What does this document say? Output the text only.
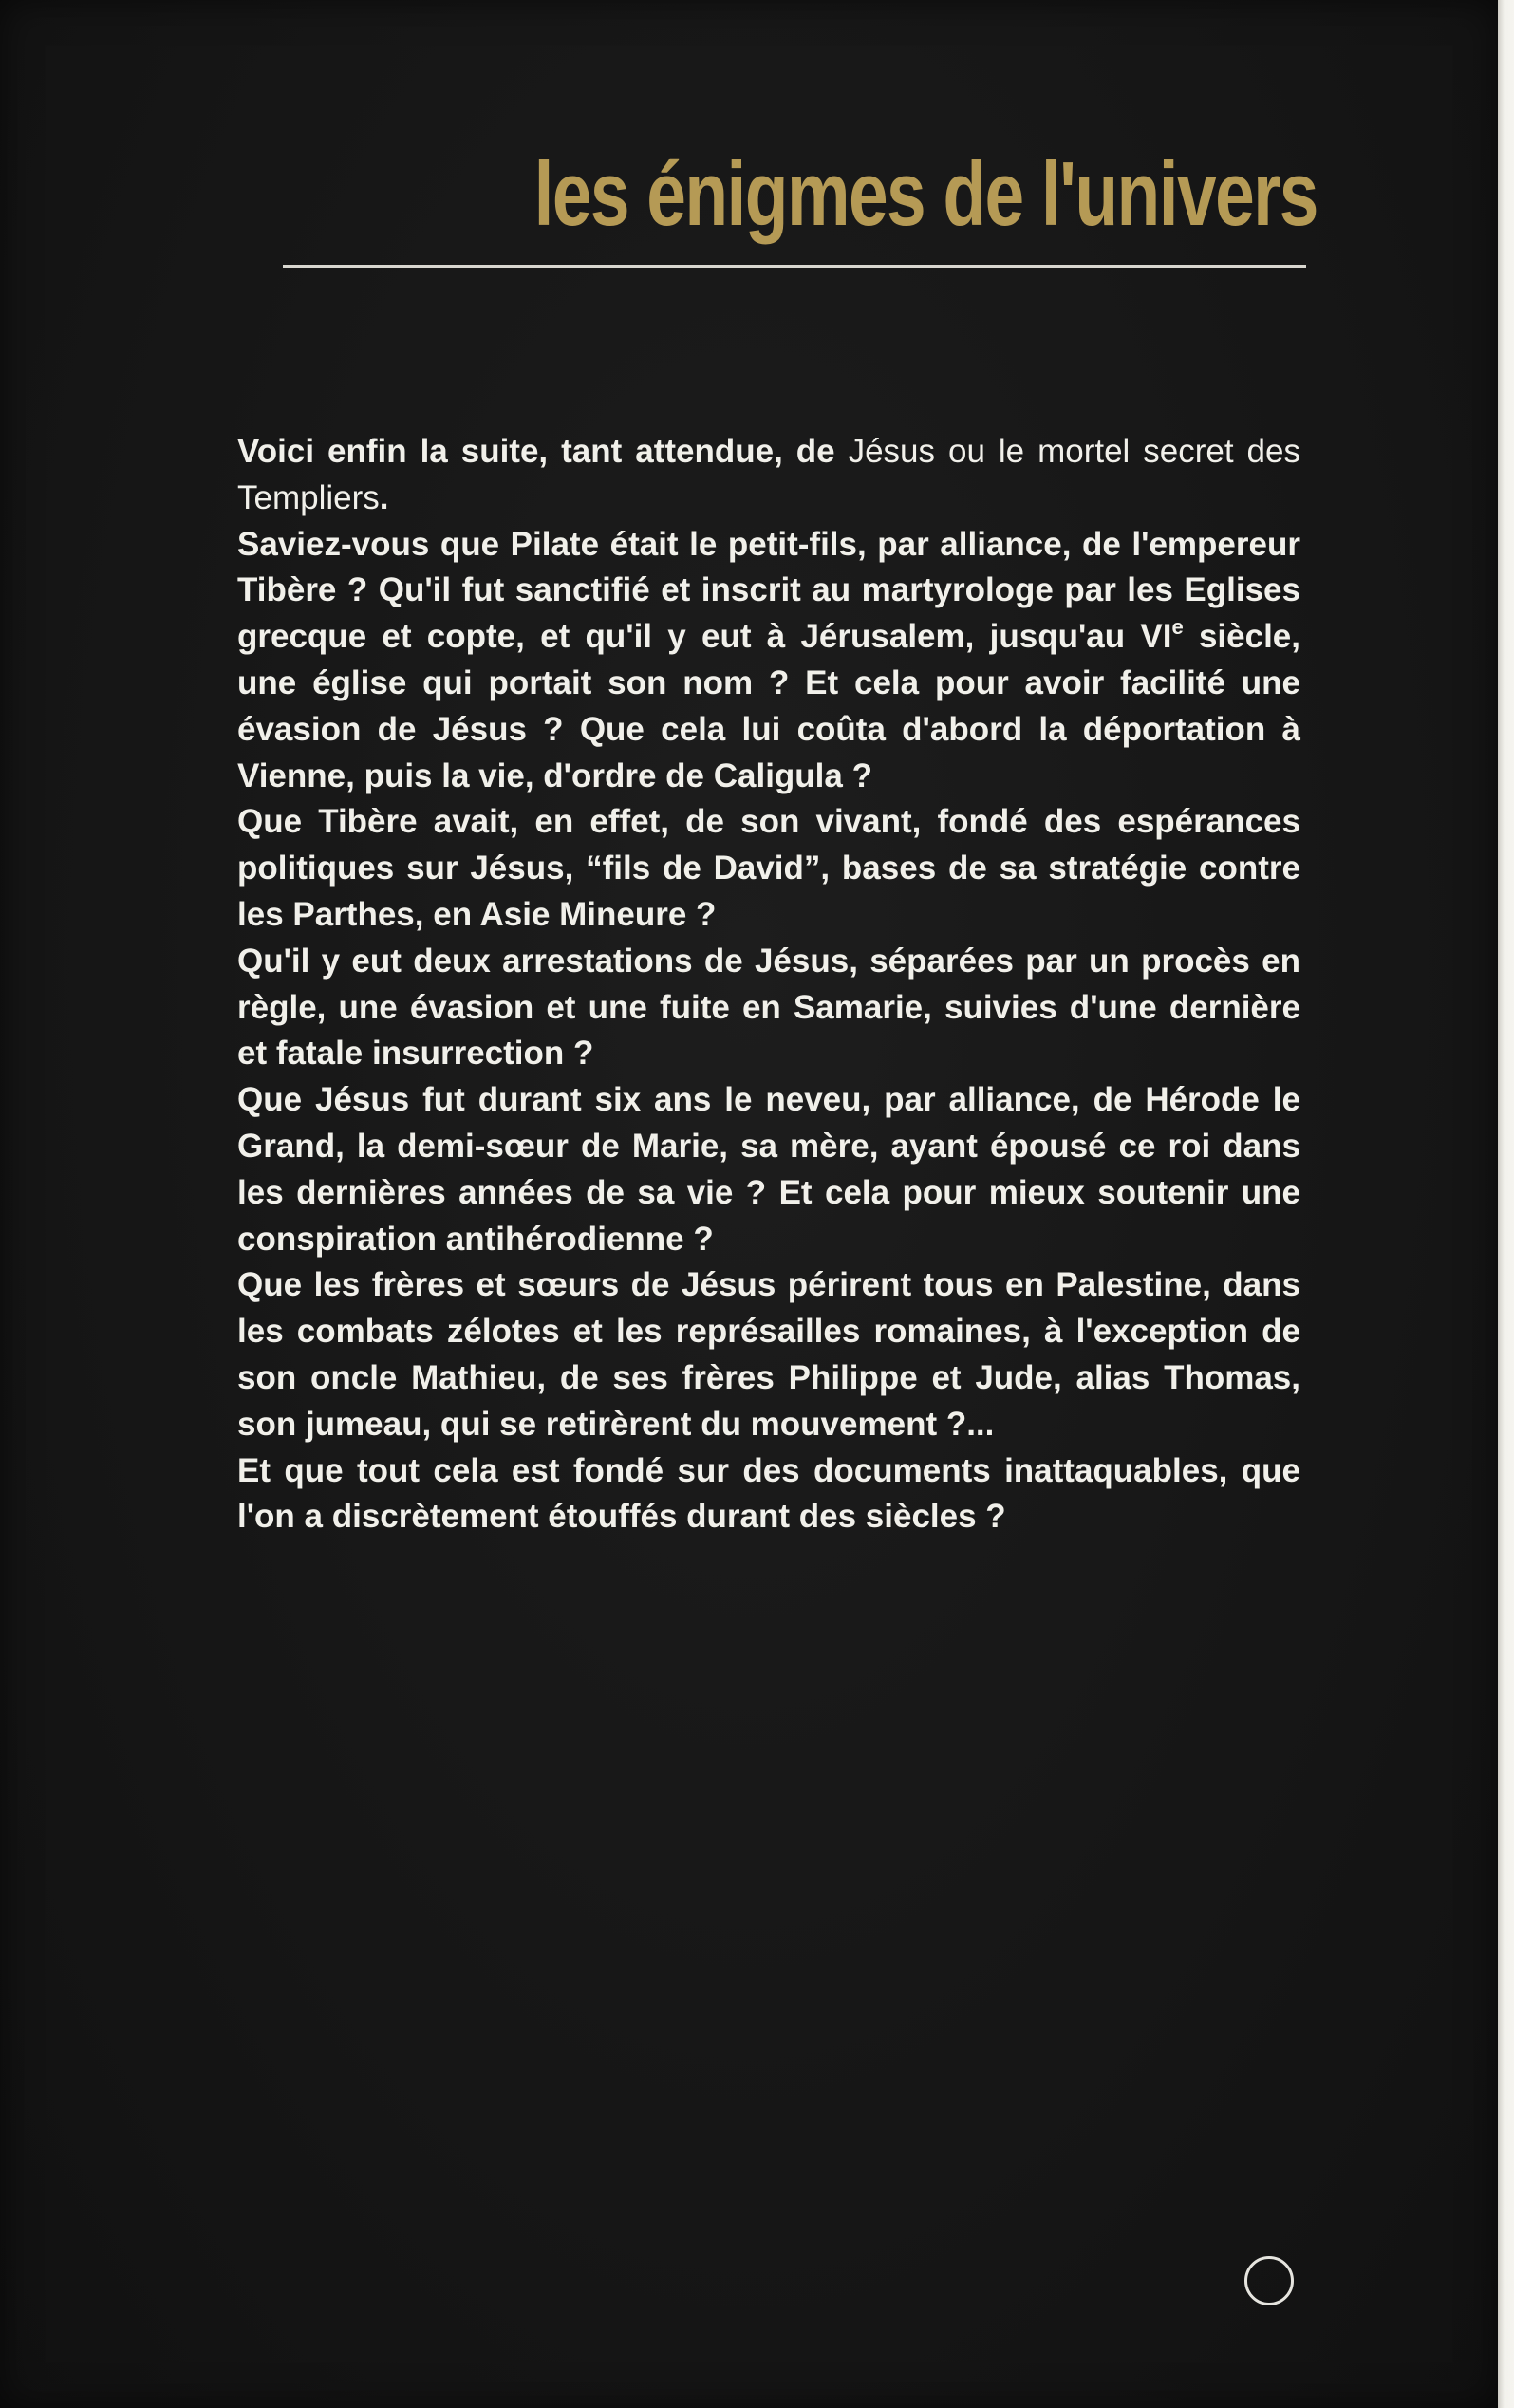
les énigmes de l'univers

Voici enfin la suite, tant attendue, de Jésus ou le mortel secret des Templiers.

Saviez-vous que Pilate était le petit-fils, par alliance, de l'empereur Tibère ? Qu'il fut sanctifié et inscrit au martyrologe par les Eglises grecque et copte, et qu'il y eut à Jérusalem, jusqu'au VIe siècle, une église qui portait son nom ? Et cela pour avoir facilité une évasion de Jésus ? Que cela lui coûta d'abord la déportation à Vienne, puis la vie, d'ordre de Caligula ?

Que Tibère avait, en effet, de son vivant, fondé des espérances politiques sur Jésus, “fils de David”, bases de sa stratégie contre les Parthes, en Asie Mineure ?

Qu'il y eut deux arrestations de Jésus, séparées par un procès en règle, une évasion et une fuite en Samarie, suivies d'une dernière et fatale insurrection ?

Que Jésus fut durant six ans le neveu, par alliance, de Hérode le Grand, la demi-sœur de Marie, sa mère, ayant épousé ce roi dans les dernières années de sa vie ? Et cela pour mieux soutenir une conspiration antihérodienne ?

Que les frères et sœurs de Jésus périrent tous en Palestine, dans les combats zélotes et les représailles romaines, à l'exception de son oncle Mathieu, de ses frères Philippe et Jude, alias Thomas, son jumeau, qui se retirèrent du mouvement ?...

Et que tout cela est fondé sur des documents inattaquables, que l'on a discrètement étouffés durant des siècles ?
